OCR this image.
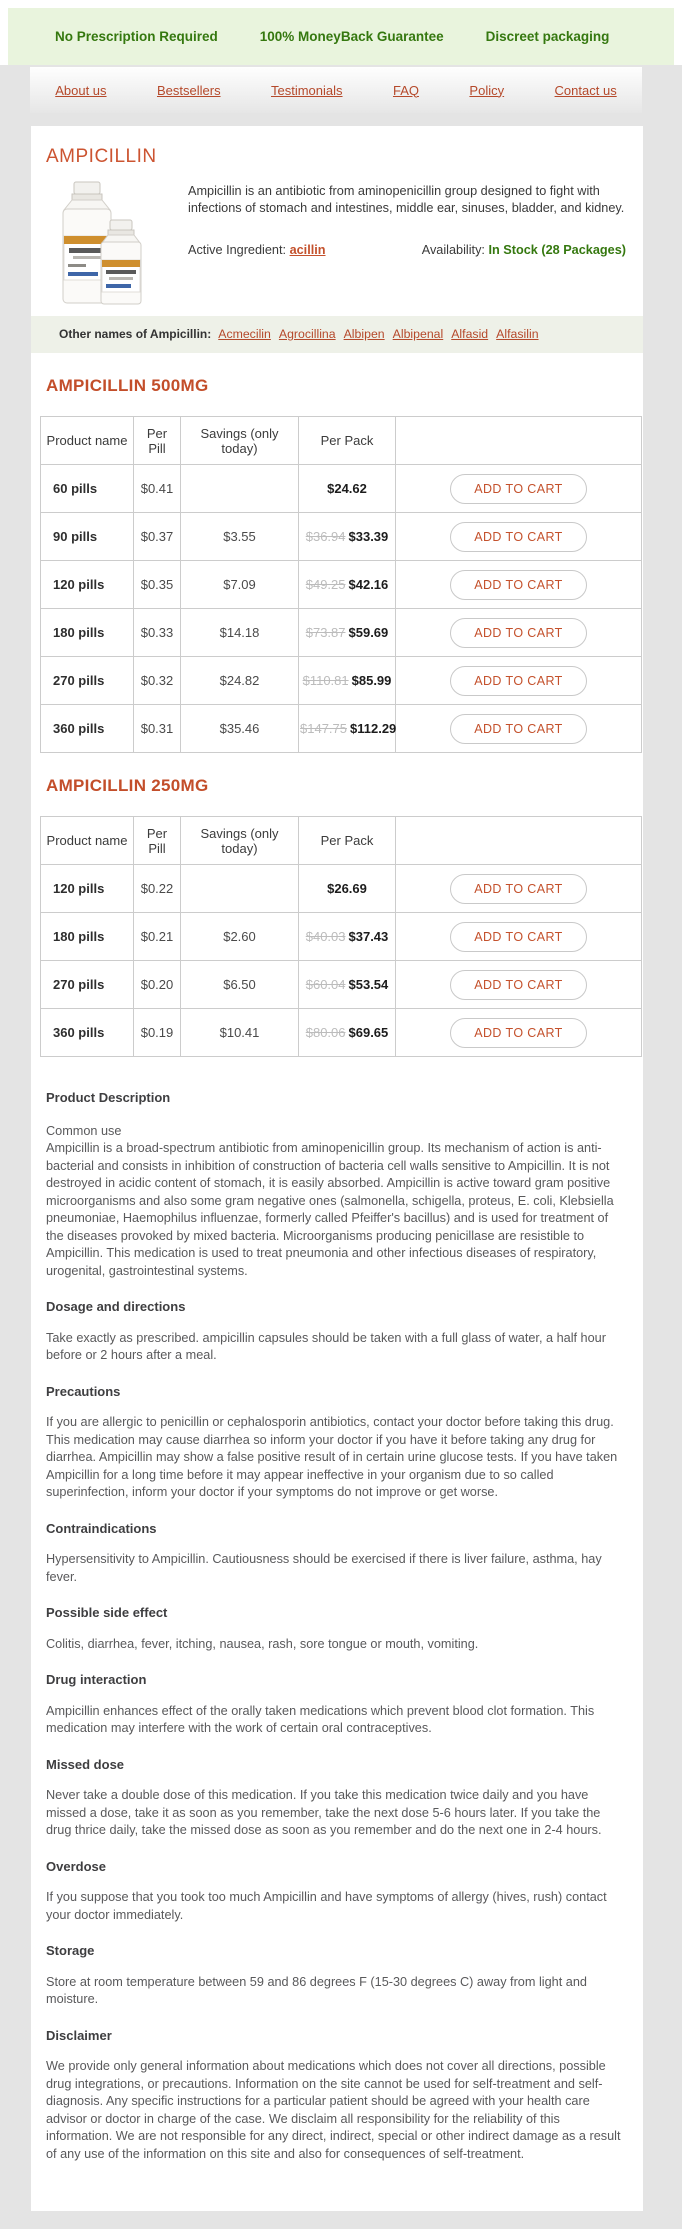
No Prescription Required	100% MoneyBack Guarantee	Discreet packaging
About us	Bestsellers	Testimonials	FAQ	Policy	Contact us
AMPICILLIN

Ampicillin is an antibiotic from aminopenicillin group designed to fight with infections of stomach and intestines, middle ear, sinuses, bladder, and kidney.

Active Ingredient: acillin	Availability: In Stock (28 Packages)
Other names of Ampicillin: Acmecilin Agrocillina Albipen Albipenal Alfasid Alfasilin
AMPICILLIN 500MG
Product name	Per Pill	Savings (only today)	Per Pack	
60 pills	$0.41		$24.62	ADD TO CART
90 pills	$0.37	$3.55	$36.94 $33.39	ADD TO CART
120 pills	$0.35	$7.09	$49.25 $42.16	ADD TO CART
180 pills	$0.33	$14.18	$73.87 $59.69	ADD TO CART
270 pills	$0.32	$24.82	$110.81 $85.99	ADD TO CART
360 pills	$0.31	$35.46	$147.75 $112.29	ADD TO CART
AMPICILLIN 250MG
Product name	Per Pill	Savings (only today)	Per Pack	
120 pills	$0.22		$26.69	ADD TO CART
180 pills	$0.21	$2.60	$40.03 $37.43	ADD TO CART
270 pills	$0.20	$6.50	$60.04 $53.54	ADD TO CART
360 pills	$0.19	$10.41	$80.06 $69.65	ADD TO CART
Product Description
Common use

Ampicillin is a broad-spectrum antibiotic from aminopenicillin group. Its mechanism of action is anti-bacterial and consists in inhibition of construction of bacteria cell walls sensitive to Ampicillin. It is not destroyed in acidic content of stomach, it is easily absorbed. Ampicillin is active toward gram positive microorganisms and also some gram negative ones (salmonella, schigella, proteus, E. coli, Klebsiella pneumoniae, Haemophilus influenzae, formerly called Pfeiffer's bacillus) and is used for treatment of the diseases provoked by mixed bacteria. Microorganisms producing penicillase are resistible to Ampicillin. This medication is used to treat pneumonia and other infectious diseases of respiratory, urogenital, gastrointestinal systems.

Dosage and directions

Take exactly as prescribed. ampicillin capsules should be taken with a full glass of water, a half hour before or 2 hours after a meal.

Precautions

If you are allergic to penicillin or cephalosporin antibiotics, contact your doctor before taking this drug. This medication may cause diarrhea so inform your doctor if you have it before taking any drug for diarrhea. Ampicillin may show a false positive result of in certain urine glucose tests. If you have taken Ampicillin for a long time before it may appear ineffective in your organism due to so called superinfection, inform your doctor if your symptoms do not improve or get worse.

Contraindications

Hypersensitivity to Ampicillin. Cautiousness should be exercised if there is liver failure, asthma, hay fever.

Possible side effect

Colitis, diarrhea, fever, itching, nausea, rash, sore tongue or mouth, vomiting.

Drug interaction

Ampicillin enhances effect of the orally taken medications which prevent blood clot formation. This medication may interfere with the work of certain oral contraceptives.

Missed dose

Never take a double dose of this medication. If you take this medication twice daily and you have missed a dose, take it as soon as you remember, take the next dose 5-6 hours later. If you take the drug thrice daily, take the missed dose as soon as you remember and do the next one in 2-4 hours.

Overdose

If you suppose that you took too much Ampicillin and have symptoms of allergy (hives, rush) contact your doctor immediately.

Storage

Store at room temperature between 59 and 86 degrees F (15-30 degrees C) away from light and moisture.

Disclaimer

We provide only general information about medications which does not cover all directions, possible drug integrations, or precautions. Information on the site cannot be used for self-treatment and self-diagnosis. Any specific instructions for a particular patient should be agreed with your health care advisor or doctor in charge of the case. We disclaim all responsibility for the reliability of this information. We are not responsible for any direct, indirect, special or other indirect damage as a result of any use of the information on this site and also for consequences of self-treatment.
